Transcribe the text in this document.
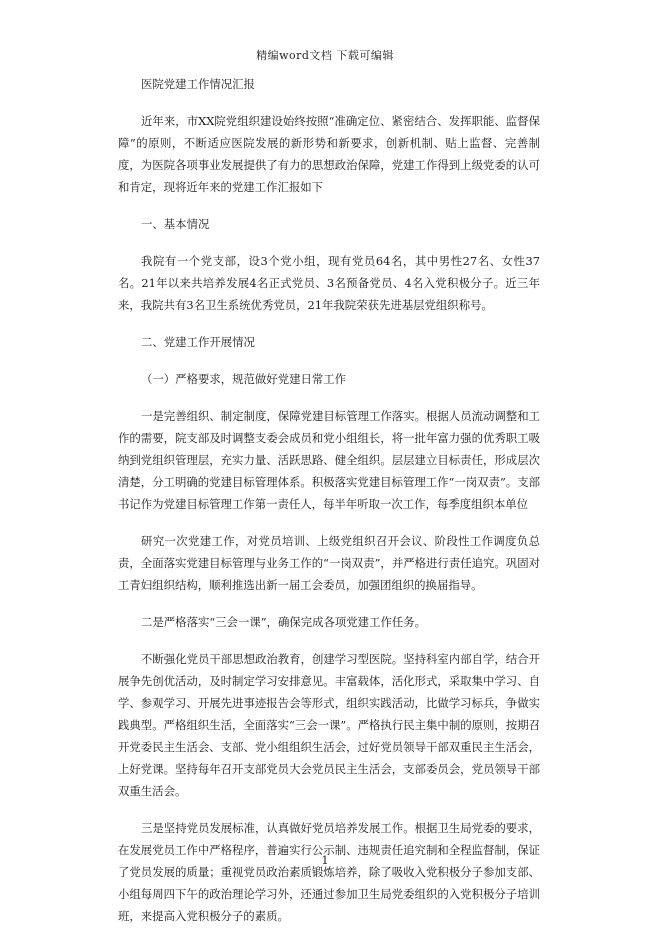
精编word文档 下载可编辑

医院党建工作情况汇报

近年来，市XX院党组织建设始终按照“准确定位、紧密结合、发挥职能、监督保障”的原则，不断适应医院发展的新形势和新要求，创新机制、贴上监督、完善制度，为医院各项事业发展提供了有力的思想政治保障，党建工作得到上级党委的认可和肯定，现将近年来的党建工作汇报如下

一、基本情况

我院有一个党支部，设3个党小组，现有党员64名，其中男性27名、女性37名。21年以来共培养发展4名正式党员、3名预备党员、4名入党积极分子。近三年来，我院共有3名卫生系统优秀党员，21年我院荣获先进基层党组织称号。

二、党建工作开展情况

（一）严格要求，规范做好党建日常工作

一是完善组织、制定制度，保障党建目标管理工作落实。根据人员流动调整和工作的需要，院支部及时调整支委会成员和党小组组长，将一批年富力强的优秀职工吸纳到党组织管理层，充实力量、活跃思路、健全组织。层层建立目标责任，形成层次清楚，分工明确的党建目标管理体系。积极落实党建目标管理工作“一岗双责”。支部书记作为党建目标管理工作第一责任人，每半年听取一次工作，每季度组织本单位

研究一次党建工作，对党员培训、上级党组织召开会议、阶段性工作调度负总责，全面落实党建目标管理与业务工作的“一岗双责”，并严格进行责任追究。巩固对工青妇组织结构，顺利推选出新一届工会委员，加强团组织的换届指导。

二是严格落实“三会一课”，确保完成各项党建工作任务。

不断强化党员干部思想政治教育，创建学习型医院。坚持科室内部自学，结合开展争先创优活动，及时制定学习安排意见。丰富载体，活化形式，采取集中学习、自学、参观学习、开展先进事迹报告会等形式，组织实践活动，比做学习标兵，争做实践典型。严格组织生活，全面落实“三会一课”。严格执行民主集中制的原则，按期召开党委民主生活会、支部、党小组组织生活会，过好党员领导干部双重民主生活会，上好党课。坚持每年召开支部党员大会党员民主生活会，支部委员会，党员领导干部双重生活会。

三是坚持党员发展标准，认真做好党员培养发展工作。根据卫生局党委的要求，在发展党员工作中严格程序，普遍实行公示制、违规责任追究制和全程监督制，保证了党员发展的质量；重视党员政治素质锻炼培养，除了吸收入党积极分子参加支部、小组每周四下午的政治理论学习外，还通过参加卫生局党委组织的入党积极分子培训班，来提高入党积极分子的素质。

1
